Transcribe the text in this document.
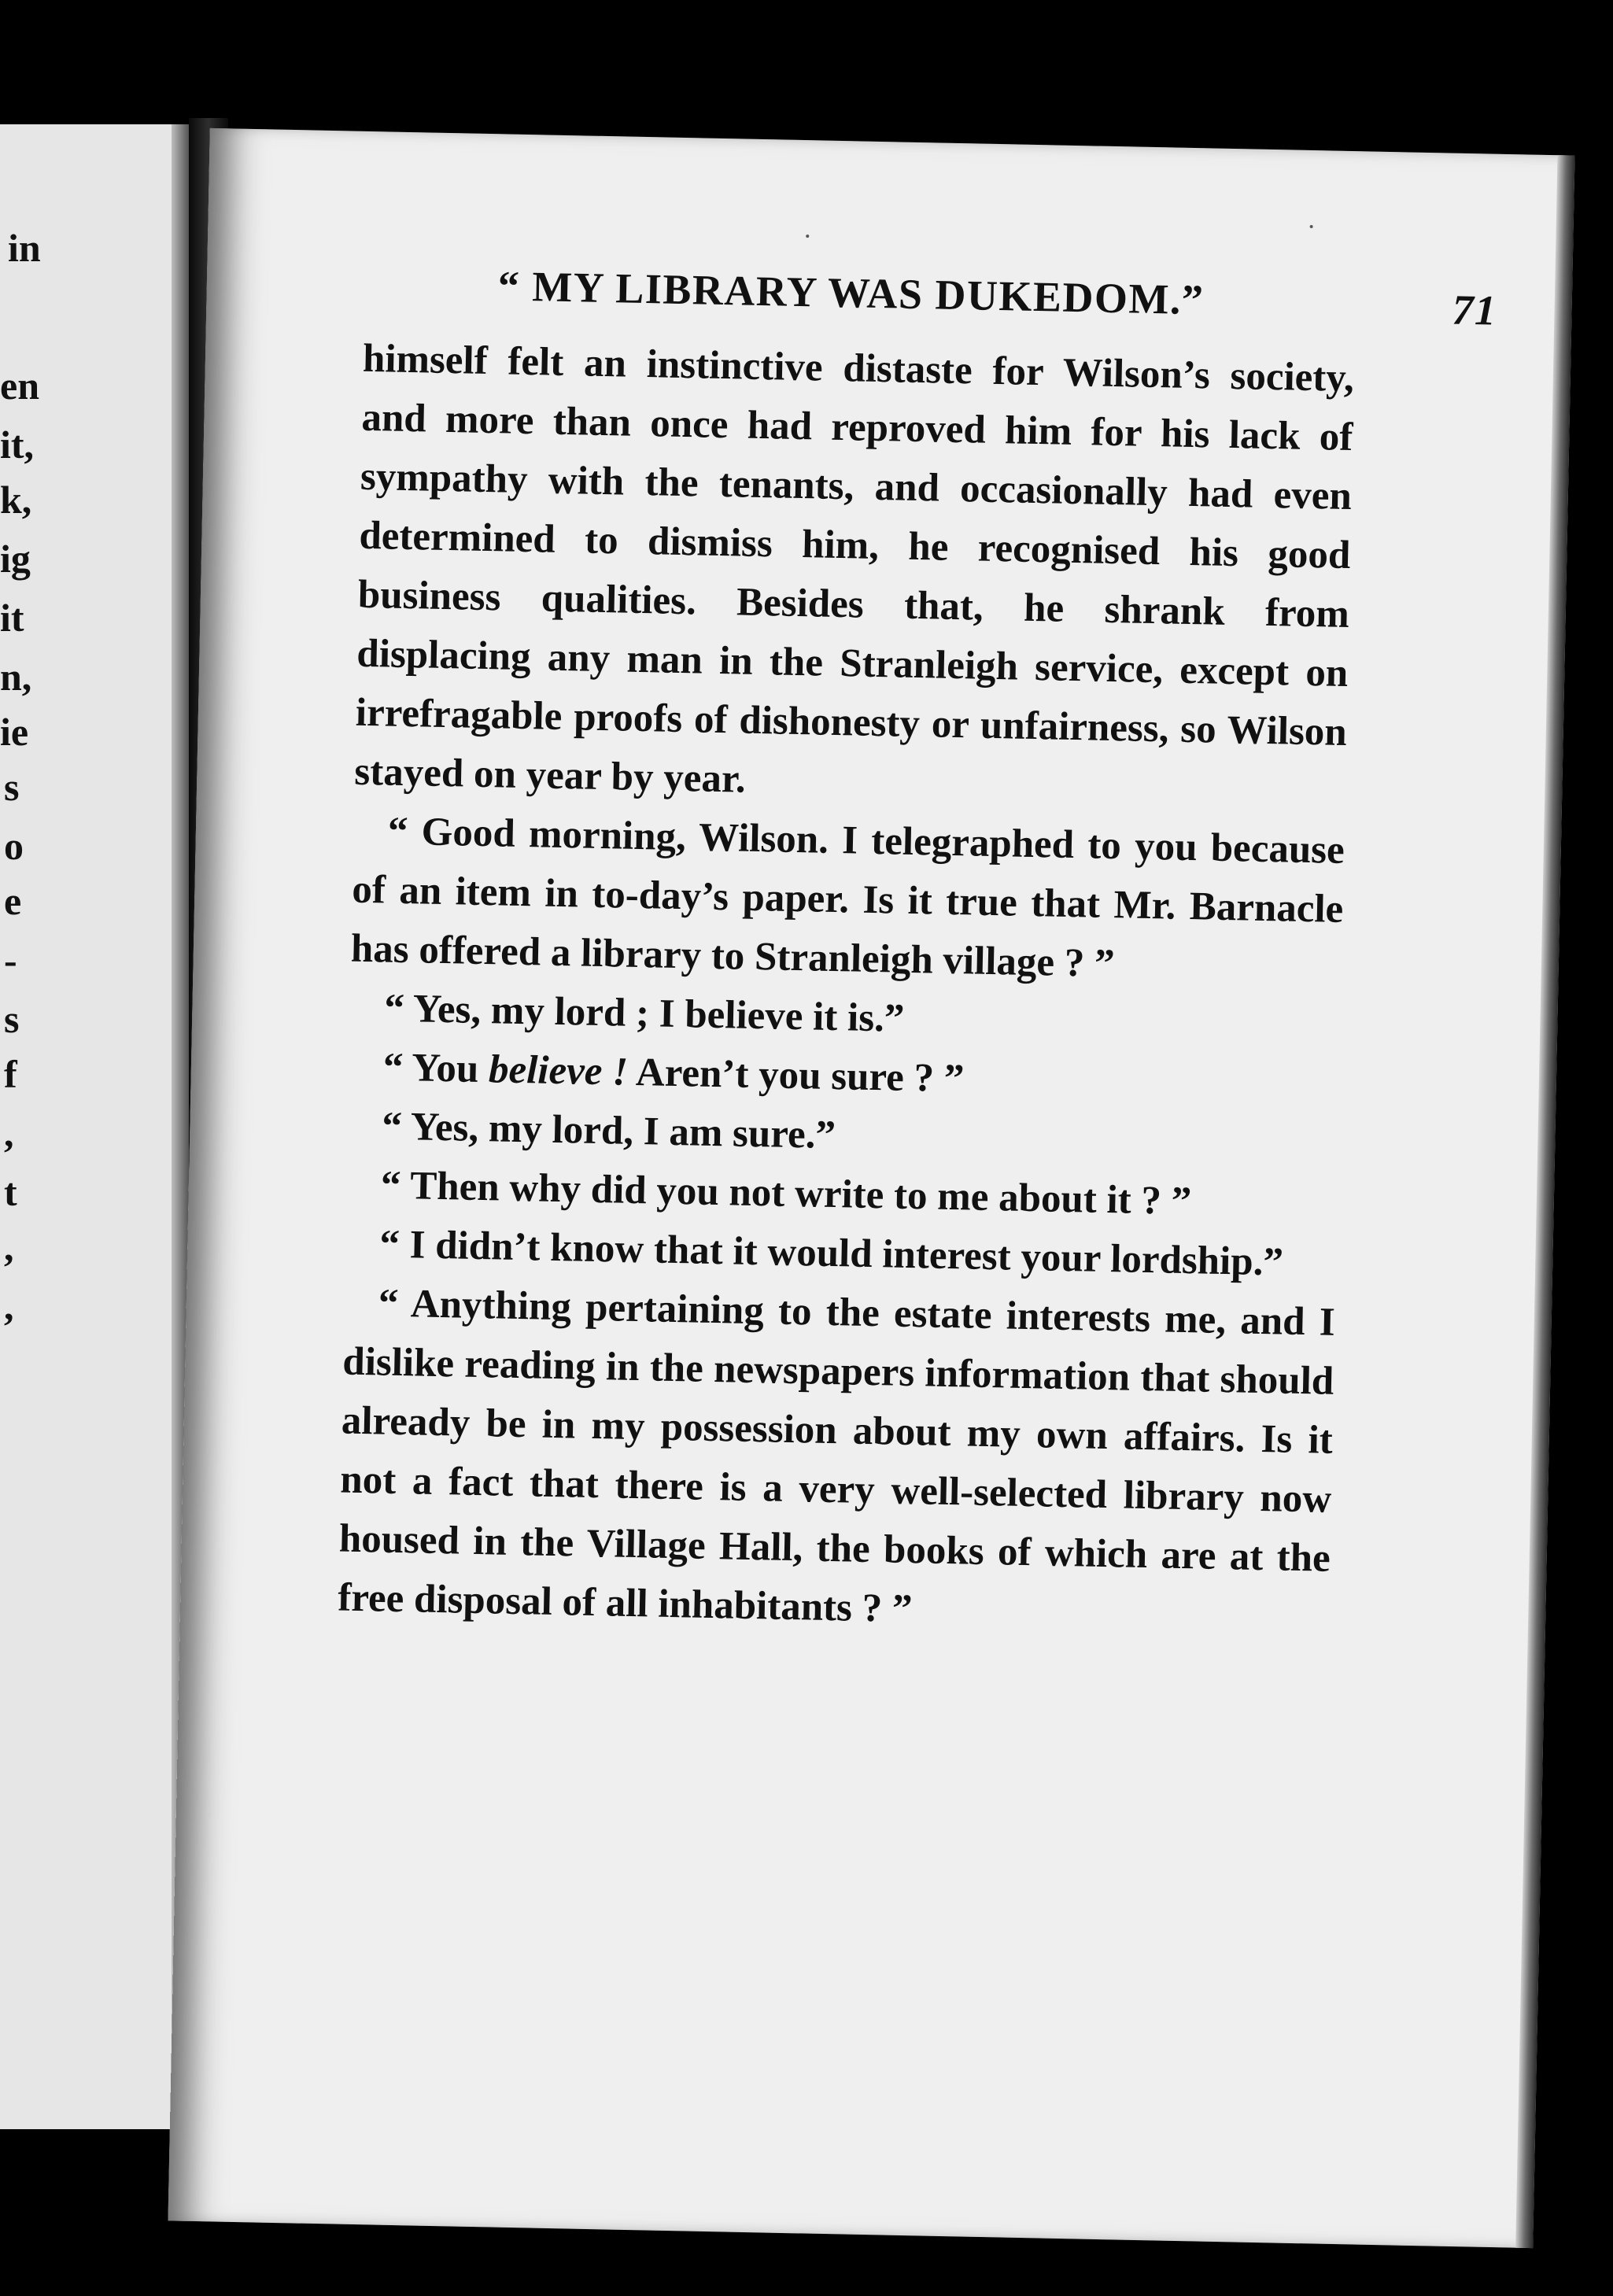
in
en
it,
k,
ig
it
n,
ie
s
o
e
-
s
f
,
t
,
,
“ MY LIBRARY WAS DUKEDOM.”	71

himself felt an instinctive distaste for Wilson’s society, and more than once had reproved him for his lack of sympathy with the tenants, and occasionally had even determined to dismiss him, he recognised his good business qualities. Besides that, he shrank from displacing any man in the Stranleigh service, except on irrefragable proofs of dishonesty or unfairness, so Wilson stayed on year by year.

“ Good morning, Wilson. I telegraphed to you because of an item in to-day’s paper. Is it true that Mr. Barnacle has offered a library to Stranleigh village ? ”

“ Yes, my lord ; I believe it is.”

“ You believe ! Aren’t you sure ? ”

“ Yes, my lord, I am sure.”

“ Then why did you not write to me about it ? ”

“ I didn’t know that it would interest your lordship.”

“ Anything pertaining to the estate interests me, and I dislike reading in the newspapers information that should already be in my possession about my own affairs. Is it not a fact that there is a very well-selected library now housed in the Village Hall, the books of which are at the free disposal of all inhabitants ? ”
